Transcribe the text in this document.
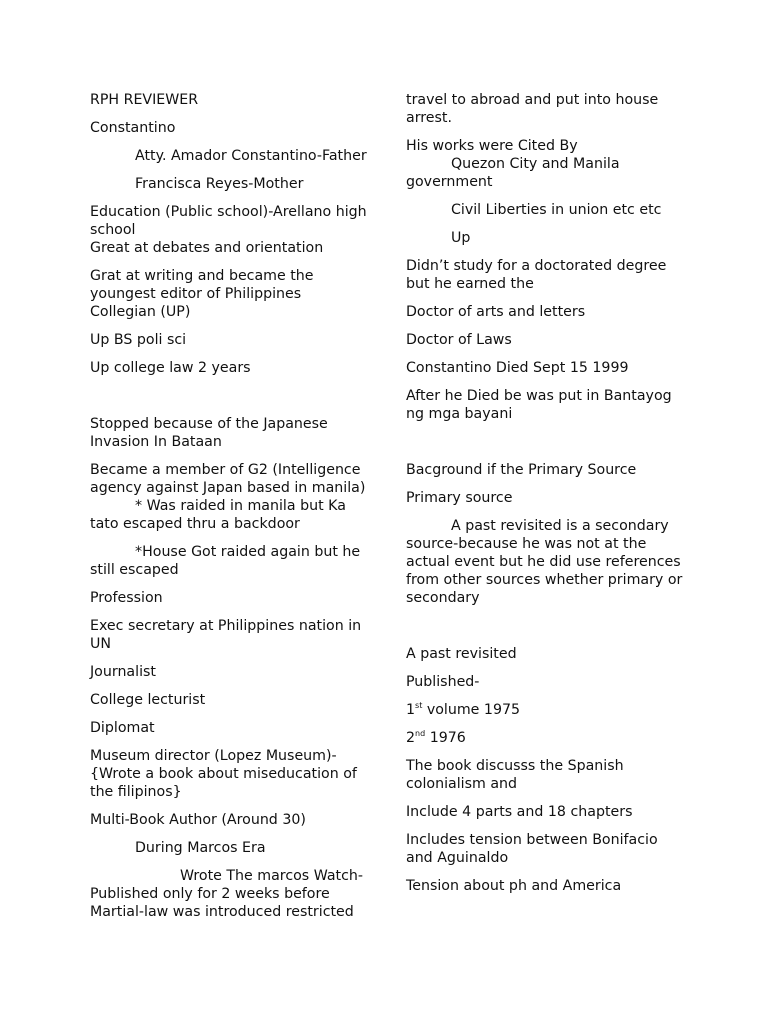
RPH REVIEWER
Constantino
Atty. Amador Constantino-Father
Francisca Reyes-Mother
Education (Public school)-Arellano high school
Great at debates and orientation
Grat at writing and became the youngest editor of Philippines Collegian (UP)
Up BS poli sci
Up college law 2 years
Stopped because of the Japanese Invasion In Bataan
Became a member of G2 (Intelligence agency against Japan based in manila)
* Was raided in manila but Ka
tato escaped thru a backdoor
*House Got raided again but he
still escaped
Profession
Exec secretary at Philippines nation in UN
Journalist
College lecturist
Diplomat
Museum director (Lopez Museum)-{Wrote a book about miseducation of the filipinos}
Multi-Book Author (Around 30)
During Marcos Era
Wrote The marcos Watch-
Published only for 2 weeks before Martial-law was introduced restricted
travel to abroad and put into house arrest.
His works were Cited By
Quezon City and Manila
government
Civil Liberties in union etc etc
Up
Didn’t study for a doctorated degree but he earned the
Doctor of arts and letters
Doctor of Laws
Constantino Died Sept 15 1999
After he Died be was put in Bantayog ng mga bayani
Bacground if the Primary Source
Primary source
A past revisited is a secondary
source-because he was not at the actual event but he did use references from other sources whether primary or secondary
A past revisited
Published-
1st volume 1975
2nd 1976
The book discusss the Spanish colonialism and
Include 4 parts and 18 chapters
Includes tension between Bonifacio and Aguinaldo
Tension about ph and America
